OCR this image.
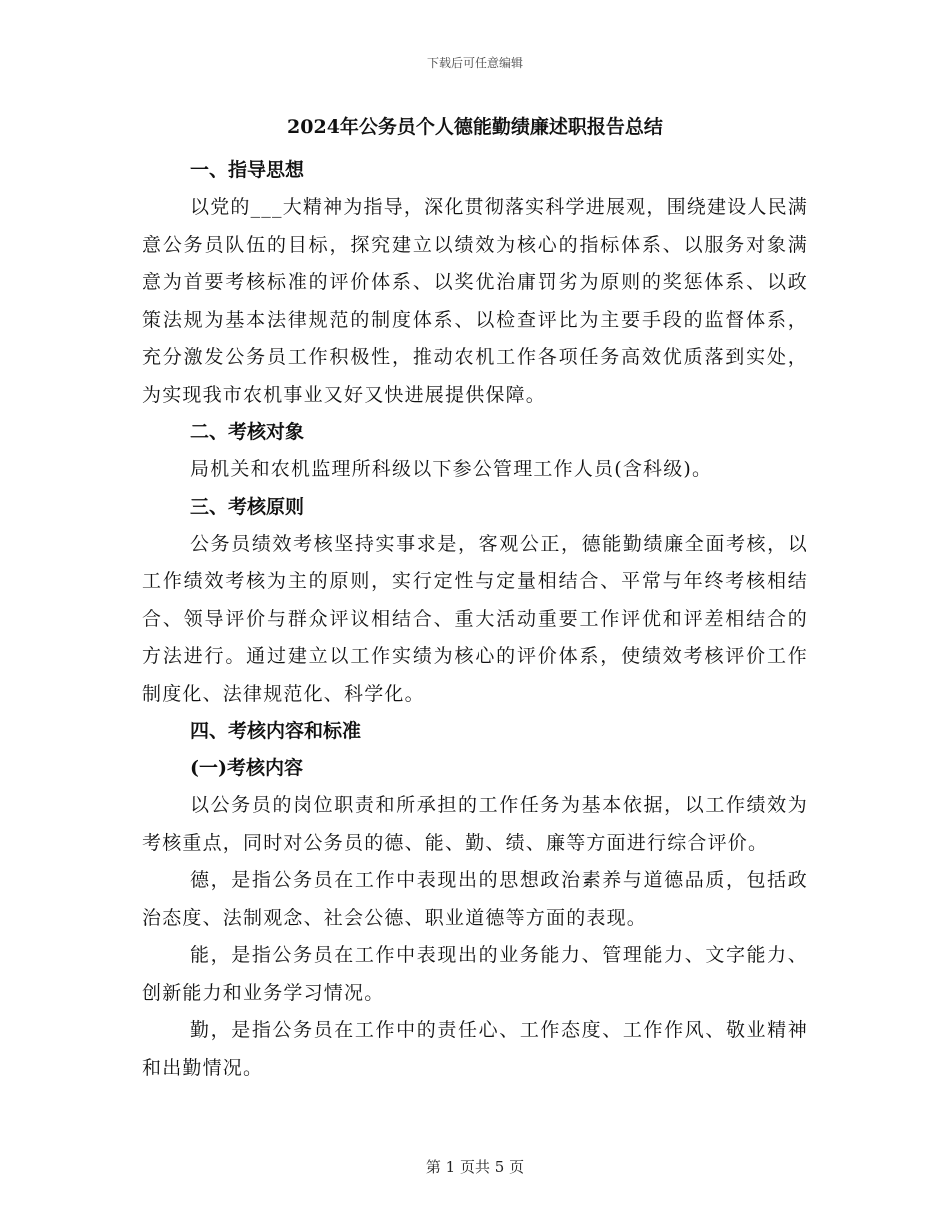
下载后可任意编辑
2024年公务员个人德能勤绩廉述职报告总结
一、指导思想
以党的___大精神为指导，深化贯彻落实科学进展观，围绕建设人民满意公务员队伍的目标，探究建立以绩效为核心的指标体系、以服务对象满意为首要考核标准的评价体系、以奖优治庸罚劣为原则的奖惩体系、以政策法规为基本法律规范的制度体系、以检查评比为主要手段的监督体系，充分激发公务员工作积极性，推动农机工作各项任务高效优质落到实处，为实现我市农机事业又好又快进展提供保障。
二、考核对象
局机关和农机监理所科级以下参公管理工作人员(含科级)。
三、考核原则
公务员绩效考核坚持实事求是，客观公正，德能勤绩廉全面考核，以工作绩效考核为主的原则，实行定性与定量相结合、平常与年终考核相结合、领导评价与群众评议相结合、重大活动重要工作评优和评差相结合的方法进行。通过建立以工作实绩为核心的评价体系，使绩效考核评价工作制度化、法律规范化、科学化。
四、考核内容和标准
(一)考核内容
以公务员的岗位职责和所承担的工作任务为基本依据，以工作绩效为考核重点，同时对公务员的德、能、勤、绩、廉等方面进行综合评价。
德，是指公务员在工作中表现出的思想政治素养与道德品质，包括政治态度、法制观念、社会公德、职业道德等方面的表现。
能，是指公务员在工作中表现出的业务能力、管理能力、文字能力、创新能力和业务学习情况。
勤，是指公务员在工作中的责任心、工作态度、工作作风、敬业精神和出勤情况。
第 1 页共 5 页
